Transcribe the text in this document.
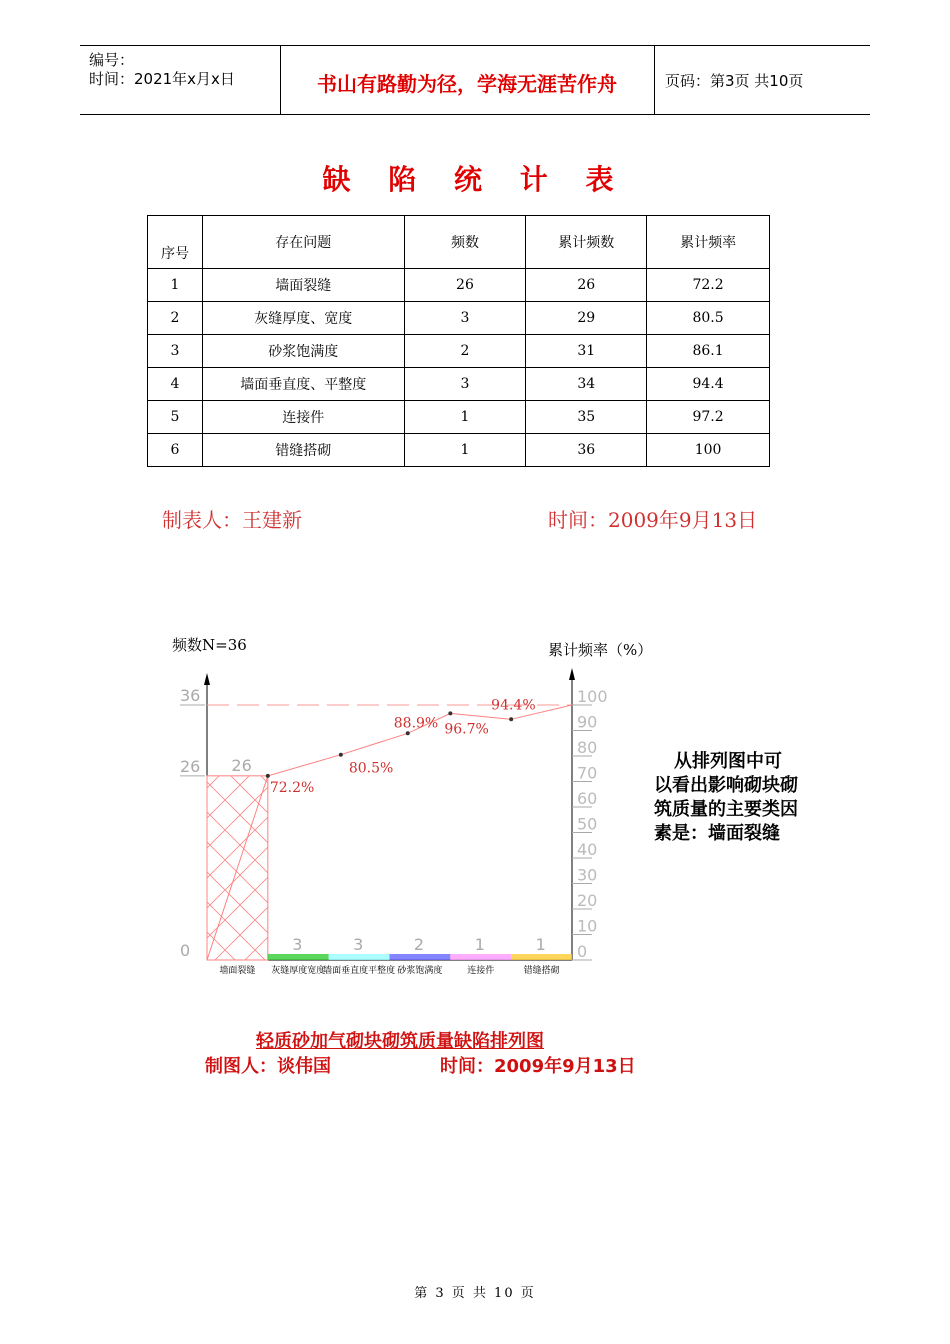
编号：
时间：2021年x月x日	书山有路勤为径，学海无涯苦作舟	页码：第3页 共10页
缺 陷 统 计 表
序号	存在问题	频数	累计频数	累计频率
1	墙面裂缝	26	26	72.2
2	灰缝厚度、宽度	3	29	80.5
3	砂浆饱满度	2	31	86.1
4	墙面垂直度、平整度	3	34	94.4
5	连接件	1	35	97.2
6	错缝搭砌	1	36	100
制表人：王建新	时间：2009年9月13日
频数N=36	累计频率（%）
26
3	3	2	1	1
36
26
0
100
90
80
70
60
50
40
30
20
10
0
72.2%
80.5%
88.9% 96.7%
94.4%
墙面裂缝 灰缝厚度宽度
墙面垂直度平整度 砂浆饱满度	连接件	错缝搭砌
从排列图中可以看出影响砌块砌筑质量的主要类因素是：墙面裂缝
轻质砂加气砌块砌筑质量缺陷排列图
制图人：谈伟国	时间：2009年9月13日
第 3 页 共 10 页
